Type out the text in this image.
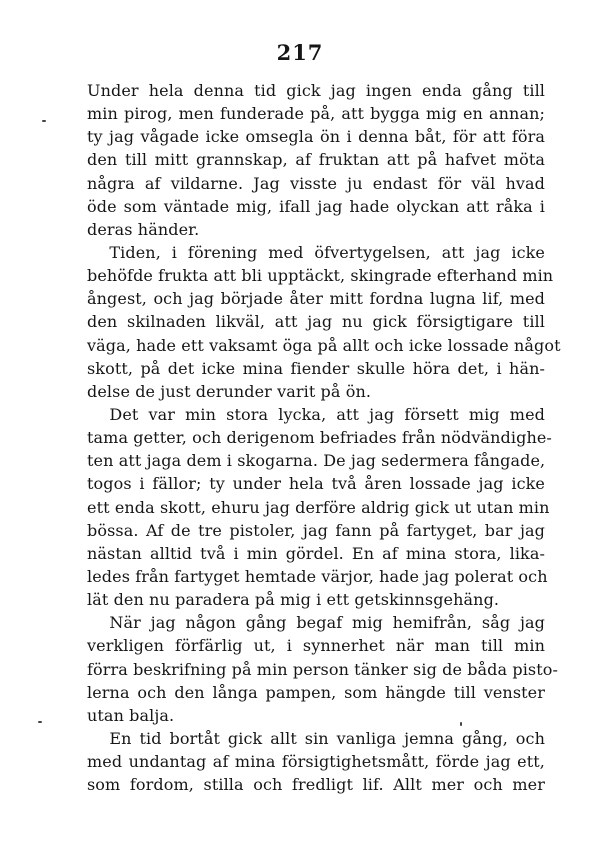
217
Under hela denna tid gick jag ingen enda gång till
min pirog, men funderade på, att bygga mig en annan;
ty jag vågade icke omsegla ön i denna båt, för att föra
den till mitt grannskap, af fruktan att på hafvet möta
några af vildarne. Jag visste ju endast för väl hvad
öde som väntade mig, ifall jag hade olyckan att råka i
deras händer.
Tiden, i förening med öfvertygelsen, att jag icke
behöfde frukta att bli upptäckt, skingrade efterhand min
ångest, och jag började åter mitt fordna lugna lif, med
den skilnaden likväl, att jag nu gick försigtigare till
väga, hade ett vaksamt öga på allt och icke lossade något
skott, på det icke mina fiender skulle höra det, i hän-
delse de just derunder varit på ön.
Det var min stora lycka, att jag försett mig med
tama getter, och derigenom befriades från nödvändighe-
ten att jaga dem i skogarna. De jag sedermera fångade,
togos i fällor; ty under hela två åren lossade jag icke
ett enda skott, ehuru jag derföre aldrig gick ut utan min
bössa. Af de tre pistoler, jag fann på fartyget, bar jag
nästan alltid två i min gördel. En af mina stora, lika-
ledes från fartyget hemtade värjor, hade jag polerat och
lät den nu paradera på mig i ett getskinnsgehäng.
När jag någon gång begaf mig hemifrån, såg jag
verkligen förfärlig ut, i synnerhet när man till min
förra beskrifning på min person tänker sig de båda pisto-
lerna och den långa pampen, som hängde till venster
utan balja.
En tid bortåt gick allt sin vanliga jemna gång, och
med undantag af mina försigtighetsmått, förde jag ett,
som fordom, stilla och fredligt lif. Allt mer och mer
